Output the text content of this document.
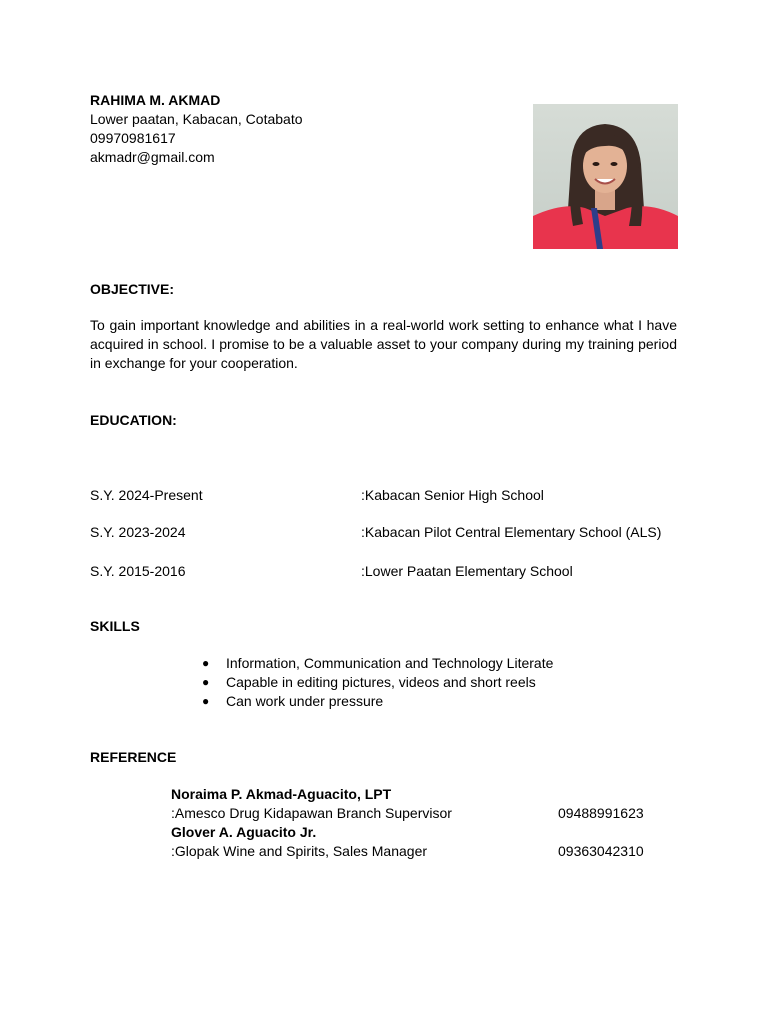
RAHIMA M. AKMAD
Lower paatan, Kabacan, Cotabato
09970981617
akmadr@gmail.com
OBJECTIVE:
To gain important knowledge and abilities in a real-world work setting to enhance what I have acquired in school. I promise to be a valuable asset to your company during my training period in exchange for your cooperation.
EDUCATION:
S.Y. 2024-Present	:Kabacan Senior High School
S.Y. 2023-2024	:Kabacan Pilot Central Elementary School (ALS)
S.Y. 2015-2016	:Lower Paatan Elementary School
SKILLS
● Information, Communication and Technology Literate
● Capable in editing pictures, videos and short reels
● Can work under pressure
REFERENCE
Noraima P. Akmad-Aguacito, LPT
:Amesco Drug Kidapawan Branch Supervisor	09488991623
Glover A. Aguacito Jr.
:Glopak Wine and Spirits, Sales Manager	09363042310
